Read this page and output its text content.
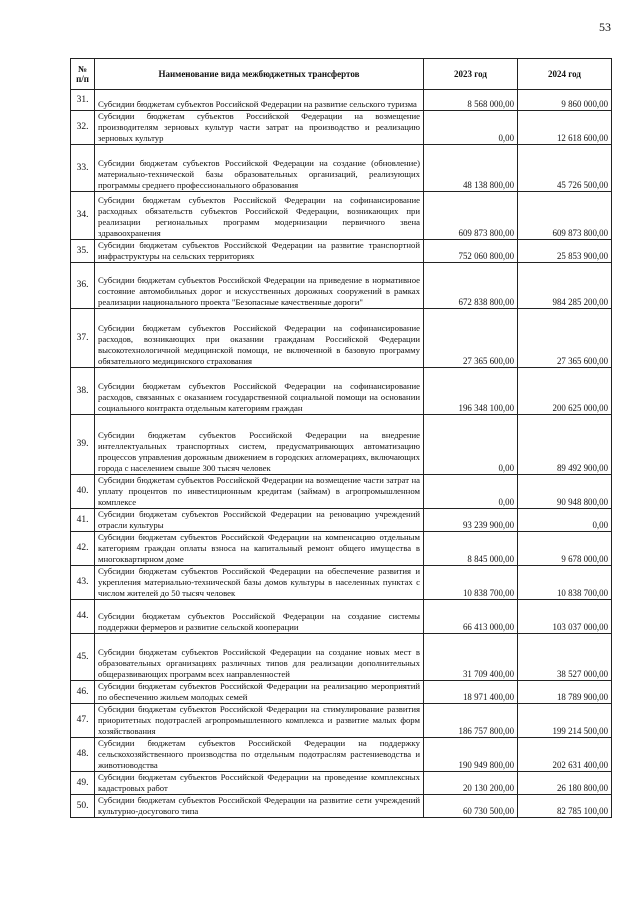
53
№ п/п	Наименование вида межбюджетных трансфертов	2023 год	2024 год
31.	Субсидии бюджетам субъектов Российской Федерации на развитие сельского туризма	8 568 000,00	9 860 000,00
32.	Субсидии бюджетам субъектов Российской Федерации на возмещение производителям зерновых культур части затрат на производство и реализацию зерновых культур	0,00	12 618 600,00
33.	Субсидии бюджетам субъектов Российской Федерации на создание (обновление) материально-технической базы образовательных организаций, реализующих программы среднего профессионального образования	48 138 800,00	45 726 500,00
34.	Субсидии бюджетам субъектов Российской Федерации на софинансирование расходных обязательств субъектов Российской Федерации, возникающих при реализации региональных программ модернизации первичного звена здравоохранения	609 873 800,00	609 873 800,00
35.	Субсидии бюджетам субъектов Российской Федерации на развитие транспортной инфраструктуры на сельских территориях	752 060 800,00	25 853 900,00
36.	Субсидии бюджетам субъектов Российской Федерации на приведение в нормативное состояние автомобильных дорог и искусственных дорожных сооружений в рамках реализации национального проекта "Безопасные качественные дороги"	672 838 800,00	984 285 200,00
37.	Субсидии бюджетам субъектов Российской Федерации на софинансирование расходов, возникающих при оказании гражданам Российской Федерации высокотехнологичной медицинской помощи, не включенной в базовую программу обязательного медицинского страхования	27 365 600,00	27 365 600,00
38.	Субсидии бюджетам субъектов Российской Федерации на софинансирование расходов, связанных с оказанием государственной социальной помощи на основании социального контракта отдельным категориям граждан	196 348 100,00	200 625 000,00
39.	Субсидии бюджетам субъектов Российской Федерации на внедрение интеллектуальных транспортных систем, предусматривающих автоматизацию процессов управления дорожным движением в городских агломерациях, включающих города с населением свыше 300 тысяч человек	0,00	89 492 900,00
40.	Субсидии бюджетам субъектов Российской Федерации на возмещение части затрат на уплату процентов по инвестиционным кредитам (займам) в агропромышленном комплексе	0,00	90 948 800,00
41.	Субсидии бюджетам субъектов Российской Федерации на реновацию учреждений отрасли культуры	93 239 900,00	0,00
42.	Субсидии бюджетам субъектов Российской Федерации на компенсацию отдельным категориям граждан оплаты взноса на капитальный ремонт общего имущества в многоквартирном доме	8 845 000,00	9 678 000,00
43.	Субсидии бюджетам субъектов Российской Федерации на обеспечение развития и укрепления материально-технической базы домов культуры в населенных пунктах с числом жителей до 50 тысяч человек	10 838 700,00	10 838 700,00
44.	Субсидии бюджетам субъектов Российской Федерации на создание системы поддержки фермеров и развитие сельской кооперации	66 413 000,00	103 037 000,00
45.	Субсидии бюджетам субъектов Российской Федерации на создание новых мест в образовательных организациях различных типов для реализации дополнительных общеразвивающих программ всех направленностей	31 709 400,00	38 527 000,00
46.	Субсидии бюджетам субъектов Российской Федерации на реализацию мероприятий по обеспечению жильем молодых семей	18 971 400,00	18 789 900,00
47.	Субсидии бюджетам субъектов Российской Федерации на стимулирование развития приоритетных подотраслей агропромышленного комплекса и развитие малых форм хозяйствования	186 757 800,00	199 214 500,00
48.	Субсидии бюджетам субъектов Российской Федерации на поддержку сельскохозяйственного производства по отдельным подотраслям растениеводства и животноводства	190 949 800,00	202 631 400,00
49.	Субсидии бюджетам субъектов Российской Федерации на проведение комплексных кадастровых работ	20 130 200,00	26 180 800,00
50.	Субсидии бюджетам субъектов Российской Федерации на развитие сети учреждений культурно-досугового типа	60 730 500,00	82 785 100,00
